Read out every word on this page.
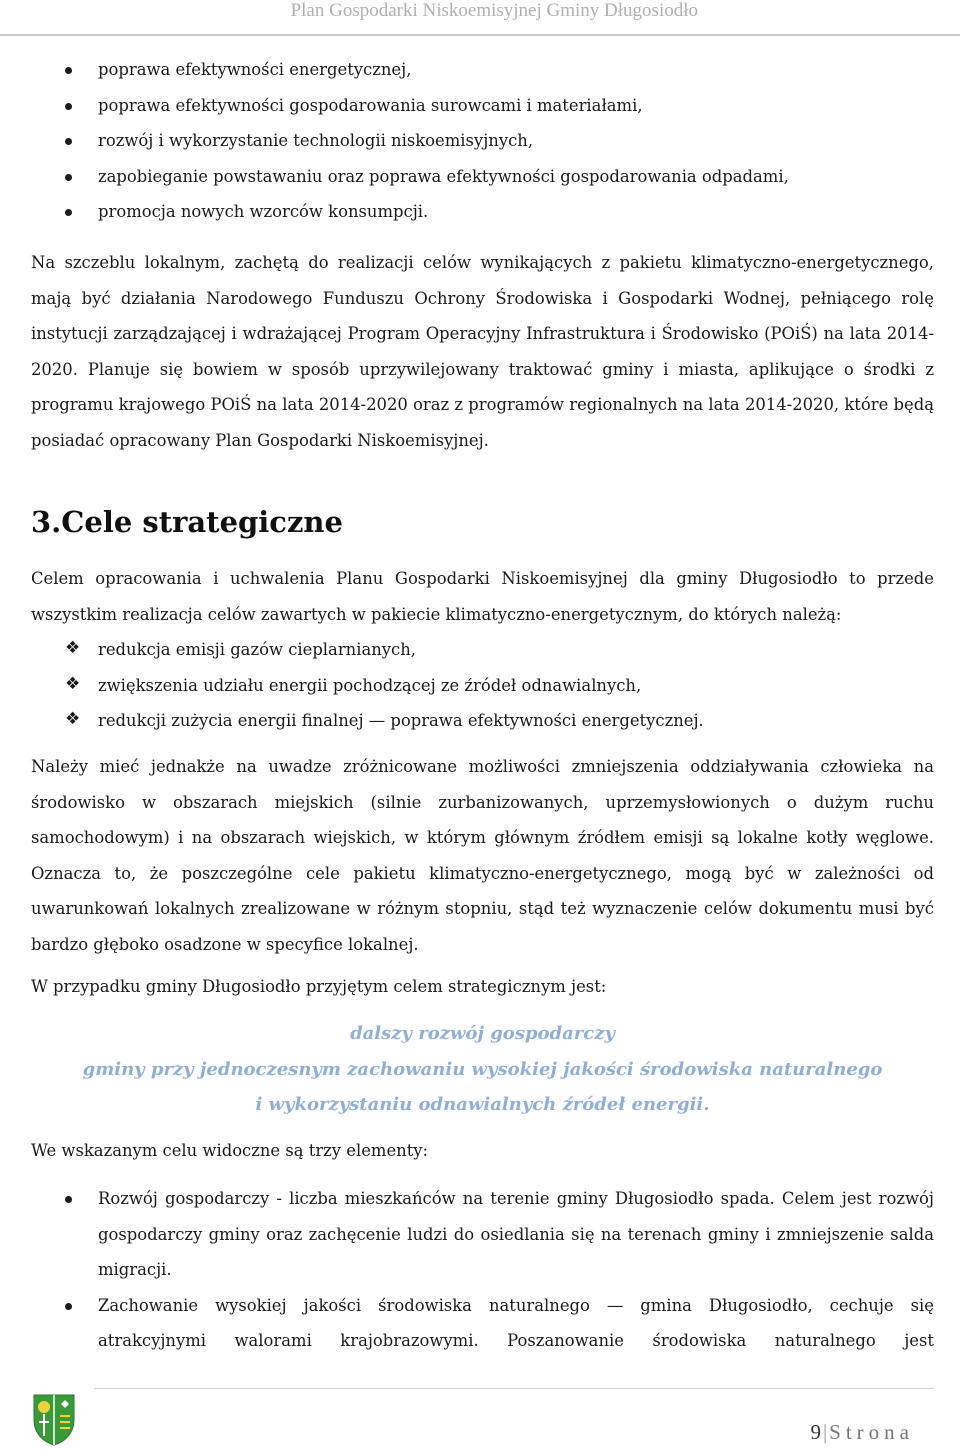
Plan Gospodarki Niskoemisyjnej Gminy Długosiodło
poprawa efektywności energetycznej,
poprawa efektywności gospodarowania surowcami i materiałami,
rozwój i wykorzystanie technologii niskoemisyjnych,
zapobieganie powstawaniu oraz poprawa efektywności gospodarowania odpadami,
promocja nowych wzorców konsumpcji.

Na szczeblu lokalnym, zachętą do realizacji celów wynikających z pakietu klimatyczno-energetycznego, mają być działania Narodowego Funduszu Ochrony Środowiska i Gospodarki Wodnej, pełniącego rolę instytucji zarządzającej i wdrażającej Program Operacyjny Infrastruktura i Środowisko (POiŚ) na lata 2014-2020. Planuje się bowiem w sposób uprzywilejowany traktować gminy i miasta, aplikujące o środki z programu krajowego POiŚ na lata 2014-2020 oraz z programów regionalnych na lata 2014-2020, które będą posiadać opracowany Plan Gospodarki Niskoemisyjnej.

3.Cele strategiczne

Celem opracowania i uchwalenia Planu Gospodarki Niskoemisyjnej dla gminy Długosiodło to przede wszystkim realizacja celów zawartych w pakiecie klimatyczno-energetycznym, do których należą:

❖ redukcja emisji gazów cieplarnianych,
❖ zwiększenia udziału energii pochodzącej ze źródeł odnawialnych,
❖ redukcji zużycia energii finalnej — poprawa efektywności energetycznej.

Należy mieć jednakże na uwadze zróżnicowane możliwości zmniejszenia oddziaływania człowieka na środowisko w obszarach miejskich (silnie zurbanizowanych, uprzemysłowionych o dużym ruchu samochodowym) i na obszarach wiejskich, w którym głównym źródłem emisji są lokalne kotły węglowe. Oznacza to, że poszczególne cele pakietu klimatyczno-energetycznego, mogą być w zależności od uwarunkowań lokalnych zrealizowane w różnym stopniu, stąd też wyznaczenie celów dokumentu musi być bardzo głęboko osadzone w specyfice lokalnej.

W przypadku gminy Długosiodło przyjętym celem strategicznym jest:

dalszy rozwój gospodarczy

gminy przy jednoczesnym zachowaniu wysokiej jakości środowiska naturalnego

i wykorzystaniu odnawialnych źródeł energii.

We wskazanym celu widoczne są trzy elementy:

Rozwój gospodarczy - liczba mieszkańców na terenie gminy Długosiodło spada. Celem jest rozwój gospodarczy gminy oraz zachęcenie ludzi do osiedlania się na terenach gminy i zmniejszenie salda migracji.
Zachowanie wysokiej jakości środowiska naturalnego — gmina Długosiodło, cechuje się atrakcyjnymi walorami krajobrazowymi. Poszanowanie środowiska naturalnego jest
9|Strona
